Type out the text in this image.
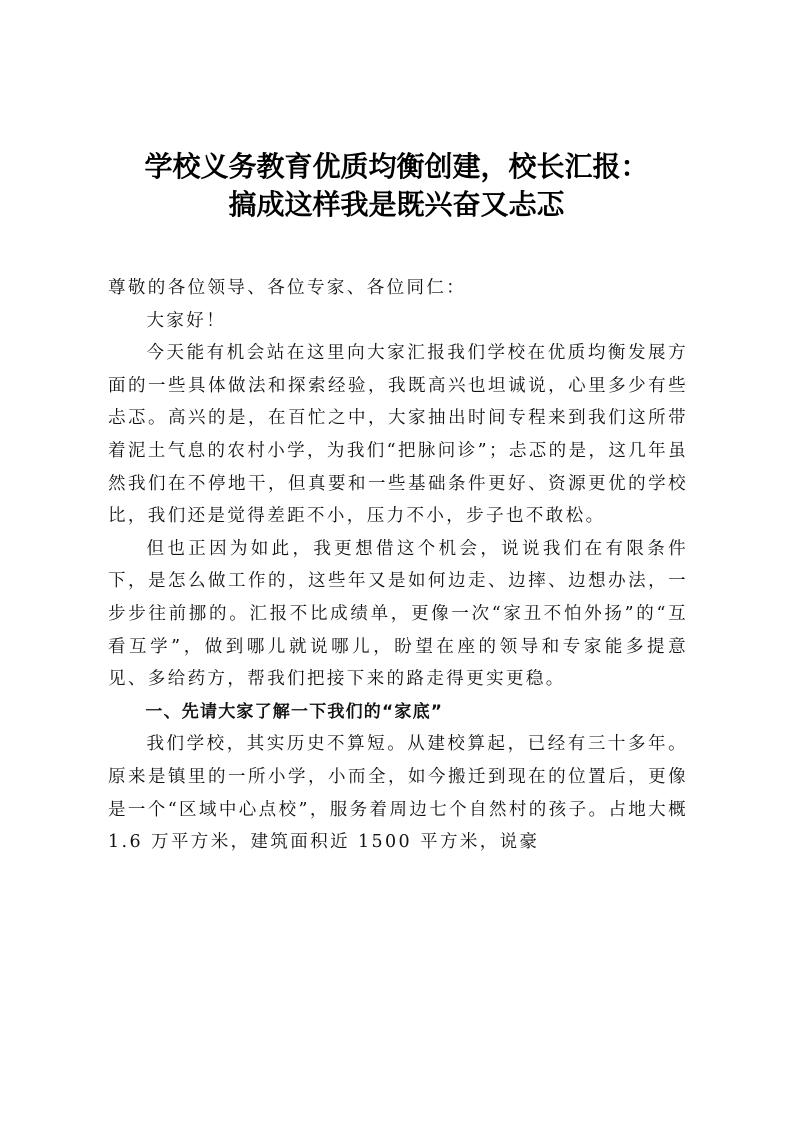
学校义务教育优质均衡创建，校长汇报：
搞成这样我是既兴奋又忐忑

尊敬的各位领导、各位专家、各位同仁：

大家好！

今天能有机会站在这里向大家汇报我们学校在优质均衡发展方面的一些具体做法和探索经验，我既高兴也坦诚说，心里多少有些忐忑。高兴的是，在百忙之中，大家抽出时间专程来到我们这所带着泥土气息的农村小学，为我们“把脉问诊”；忐忑的是，这几年虽然我们在不停地干，但真要和一些基础条件更好、资源更优的学校比，我们还是觉得差距不小，压力不小，步子也不敢松。

但也正因为如此，我更想借这个机会，说说我们在有限条件下，是怎么做工作的，这些年又是如何边走、边摔、边想办法，一步步往前挪的。汇报不比成绩单，更像一次“家丑不怕外扬”的“互看互学”，做到哪儿就说哪儿，盼望在座的领导和专家能多提意见、多给药方，帮我们把接下来的路走得更实更稳。

一、先请大家了解一下我们的“家底”

我们学校，其实历史不算短。从建校算起，已经有三十多年。原来是镇里的一所小学，小而全，如今搬迁到现在的位置后，更像是一个“区域中心点校”，服务着周边七个自然村的孩子。占地大概 1.6 万平方米，建筑面积近 1500 平方米，说豪
